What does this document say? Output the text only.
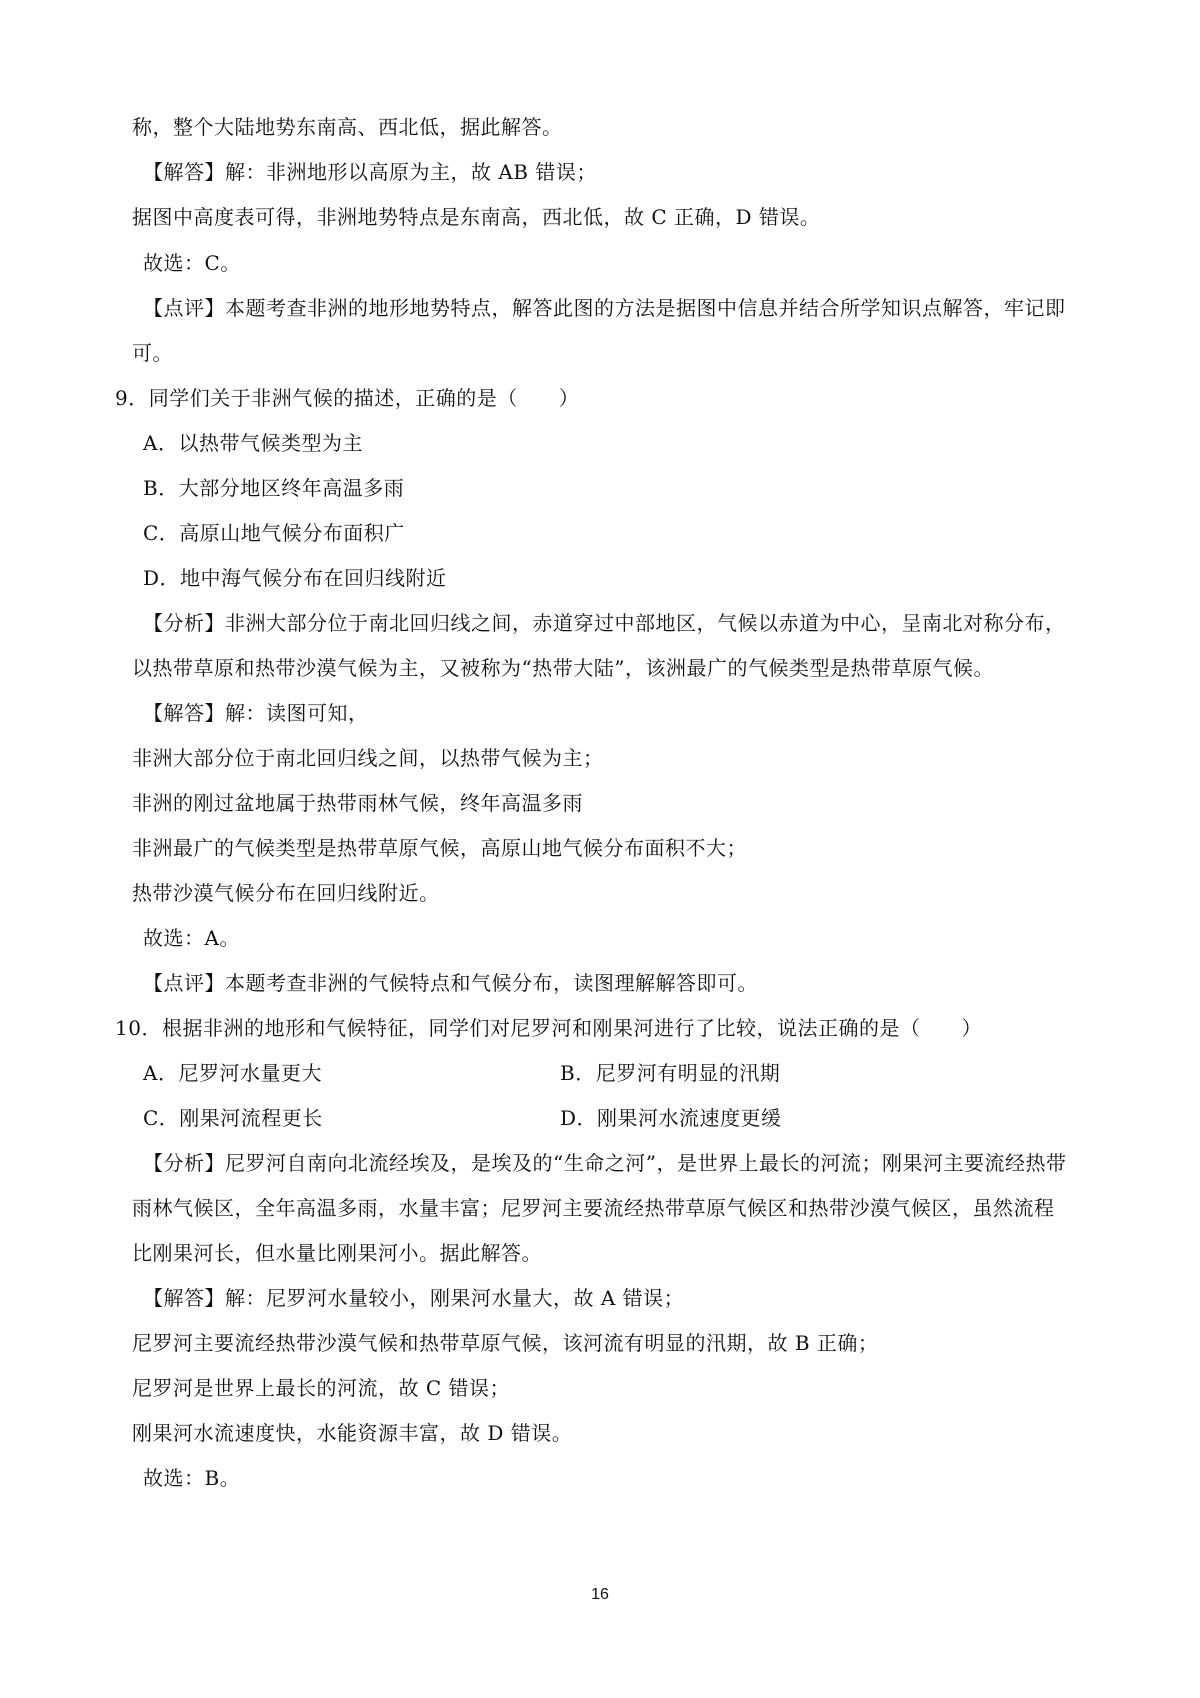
称，整个大陆地势东南高、西北低，据此解答。
【解答】解：非洲地形以高原为主，故 AB 错误；
据图中高度表可得，非洲地势特点是东南高，西北低，故 C 正确，D 错误。
故选：C。
【点评】本题考查非洲的地形地势特点，解答此图的方法是据图中信息并结合所学知识点解答，牢记即
可。
9．同学们关于非洲气候的描述，正确的是（　　）
A．以热带气候类型为主
B．大部分地区终年高温多雨
C．高原山地气候分布面积广
D．地中海气候分布在回归线附近
【分析】非洲大部分位于南北回归线之间，赤道穿过中部地区，气候以赤道为中心，呈南北对称分布，
以热带草原和热带沙漠气候为主，又被称为“热带大陆”，该洲最广的气候类型是热带草原气候。
【解答】解：读图可知，
非洲大部分位于南北回归线之间，以热带气候为主；
非洲的刚过盆地属于热带雨林气候，终年高温多雨
非洲最广的气候类型是热带草原气候，高原山地气候分布面积不大；
热带沙漠气候分布在回归线附近。
故选：A。
【点评】本题考查非洲的气候特点和气候分布，读图理解解答即可。
10．根据非洲的地形和气候特征，同学们对尼罗河和刚果河进行了比较，说法正确的是（　　）
A．尼罗河水量更大	B．尼罗河有明显的汛期
C．刚果河流程更长	D．刚果河水流速度更缓
【分析】尼罗河自南向北流经埃及，是埃及的“生命之河”，是世界上最长的河流；刚果河主要流经热带
雨林气候区，全年高温多雨，水量丰富；尼罗河主要流经热带草原气候区和热带沙漠气候区，虽然流程
比刚果河长，但水量比刚果河小。据此解答。
【解答】解：尼罗河水量较小，刚果河水量大，故 A 错误；
尼罗河主要流经热带沙漠气候和热带草原气候，该河流有明显的汛期，故 B 正确；
尼罗河是世界上最长的河流，故 C 错误；
刚果河水流速度快，水能资源丰富，故 D 错误。
故选：B。
16
